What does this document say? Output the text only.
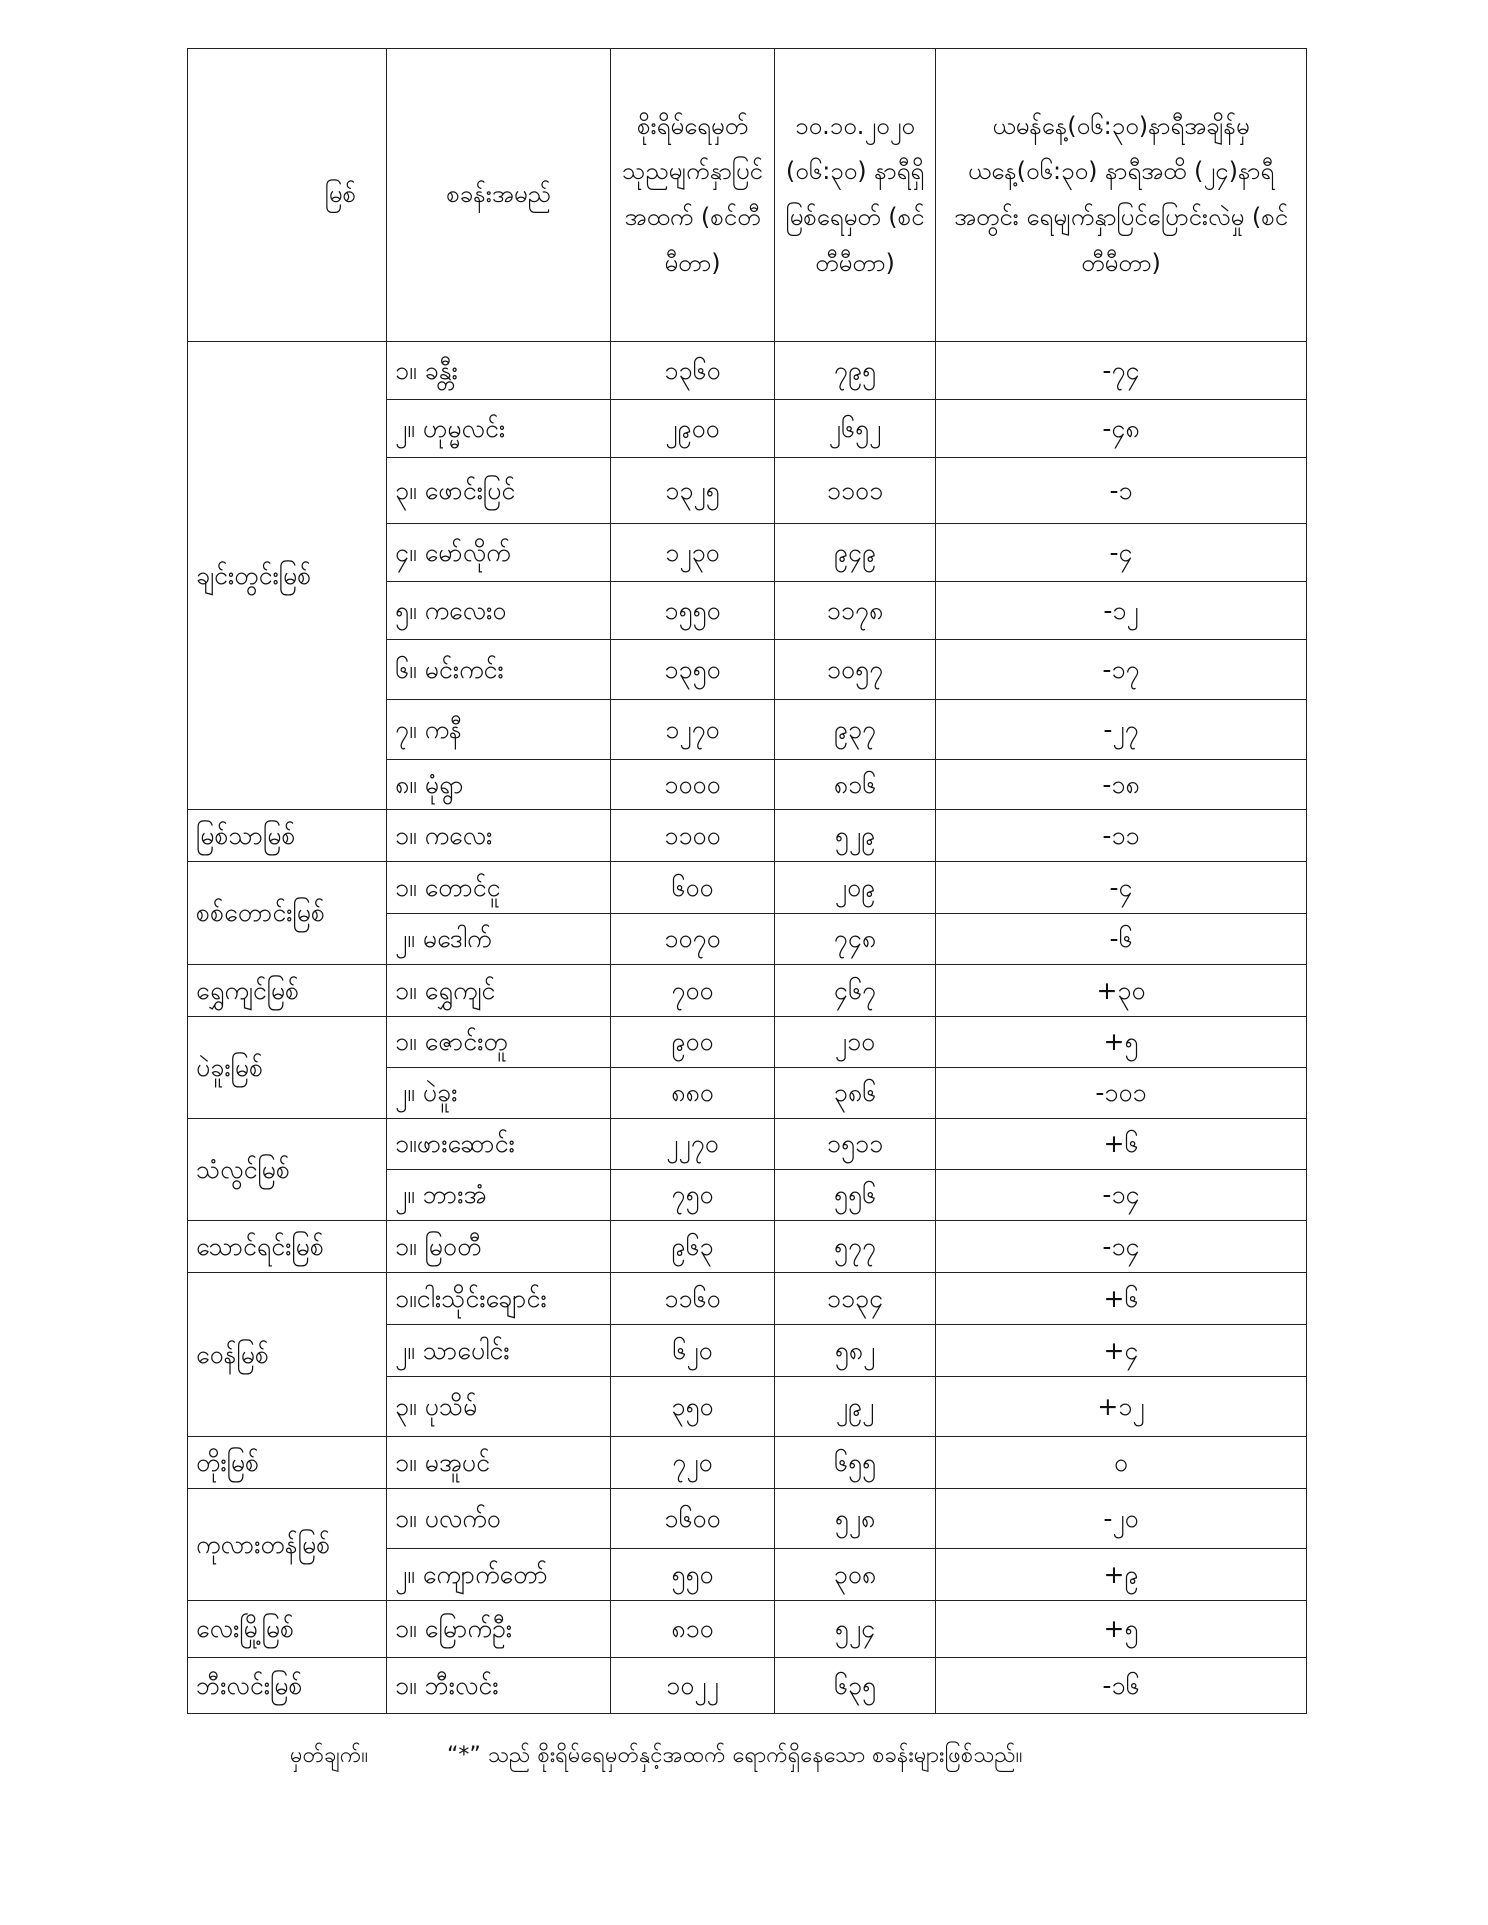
မြစ်	စခန်းအမည်	စိုးရိမ်ရေမှတ် သုညမျက်နှာပြင်အထက် (စင်တီမီတာ)	၁၀.၁၀.၂၀၂၀ (၀၆:၃၀) နာရီရှိ မြစ်ရေမှတ် (စင်တီမီတာ)	ယမန်နေ့(၀၆:၃၀)နာရီအချိန်မှ ယနေ့(၀၆:၃၀) နာရီအထိ (၂၄)နာရီအတွင်း ရေမျက်နှာပြင်ပြောင်းလဲမှု (စင်တီမီတာ)
ချင်းတွင်းမြစ်	၁။ ခန္တီး	၁၃၆၀	၇၉၅	-၇၄
	၂။ ဟုမ္မလင်း	၂၉၀၀	၂၆၅၂	-၄၈
	၃။ ဖောင်းပြင်	၁၃၂၅	၁၁၀၁	-၁
	၄။ မော်လိုက်	၁၂၃၀	၉၄၉	-၄
	၅။ ကလေးဝ	၁၅၅၀	၁၁၇၈	-၁၂
	၆။ မင်းကင်း	၁၃၅၀	၁၀၅၇	-၁၇
	၇။ ကနီ	၁၂၇၀	၉၃၇	-၂၇
	၈။ မုံရွာ	၁၀၀၀	၈၁၆	-၁၈
မြစ်သာမြစ်	၁။ ကလေး	၁၁၀၀	၅၂၉	-၁၁
စစ်တောင်းမြစ်	၁။ တောင်ငူ	၆၀၀	၂၀၉	-၄
	၂။ မဒေါက်	၁၀၇၀	၇၄၈	-၆
ရွှေကျင်မြစ်	၁။ ရွှေကျင်	၇၀၀	၄၆၇	+၃၀
ပဲခူးမြစ်	၁။ ဇောင်းတူ	၉၀၀	၂၁၀	+၅
	၂။ ပဲခူး	၈၈၀	၃၈၆	-၁၀၁
သံလွင်မြစ်	၁။ဖားဆောင်း	၂၂၇၀	၁၅၁၁	+၆
	၂။ ဘားအံ	၇၅၀	၅၅၆	-၁၄
သောင်ရင်းမြစ်	၁။ မြဝတီ	၉၆၃	၅၇၇	-၁၄
ဝေန်မြစ်	၁။ငါးသိုင်းချောင်း	၁၁၆၀	၁၁၃၄	+၆
	၂။ သာပေါင်း	၆၂၀	၅၈၂	+၄
	၃။ ပုသိမ်	၃၅၀	၂၉၂	+၁၂
တိုးမြစ်	၁။ မအူပင်	၇၂၀	၆၅၅	၀
ကုလားတန်မြစ်	၁။ ပလက်ဝ	၁၆၀၀	၅၂၈	-၂၀
	၂။ ကျောက်တော်	၅၅၀	၃၀၈	+၉
လေးမြို့မြစ်	၁။ မြောက်ဦး	၈၁၀	၅၂၄	+၅
ဘီးလင်းမြစ်	၁။ ဘီးလင်း	၁၀၂၂	၆၃၅	-၁၆
မှတ်ချက်။	“*” သည် စိုးရိမ်ရေမှတ်နှင့်အထက် ရောက်ရှိနေသော စခန်းများဖြစ်သည်။
